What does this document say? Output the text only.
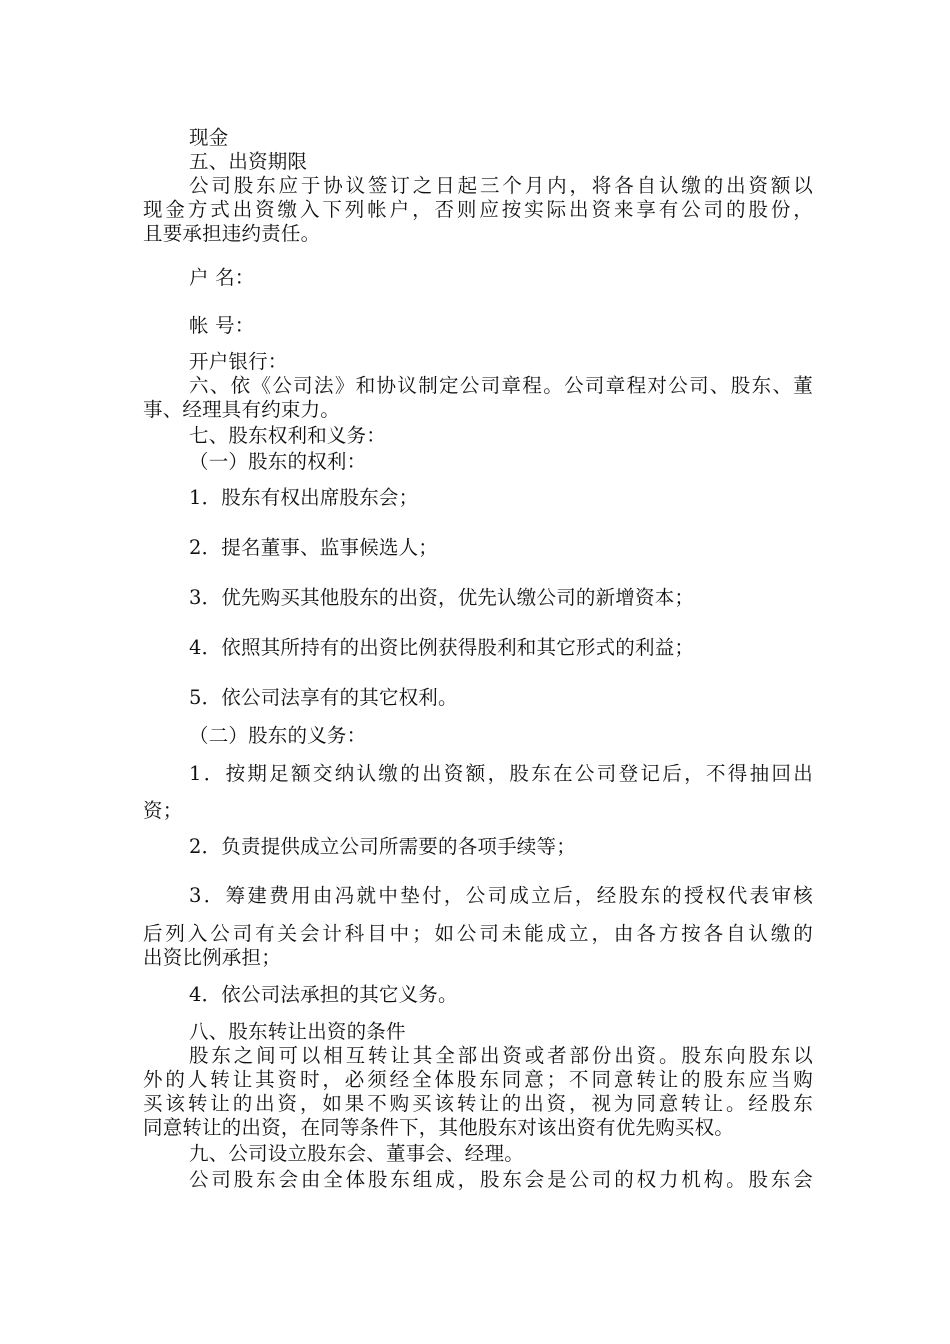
现金
五、出资期限
公司股东应于协议签订之日起三个月内，将各自认缴的出资额以
现金方式出资缴入下列帐户，否则应按实际出资来享有公司的股份，
且要承担违约责任。
户 名：
帐 号：
开户银行：
六、依《公司法》和协议制定公司章程。公司章程对公司、股东、董
事、经理具有约束力。
七、股东权利和义务：
（一）股东的权利：
1．股东有权出席股东会；
2．提名董事、监事候选人；
3．优先购买其他股东的出资，优先认缴公司的新增资本；
4．依照其所持有的出资比例获得股利和其它形式的利益；
5．依公司法享有的其它权利。
（二）股东的义务：
1．按期足额交纳认缴的出资额，股东在公司登记后，不得抽回出
资；
2．负责提供成立公司所需要的各项手续等；
3．筹建费用由冯就中垫付，公司成立后，经股东的授权代表审核
后列入公司有关会计科目中；如公司未能成立，由各方按各自认缴的
出资比例承担；
4．依公司法承担的其它义务。
八、股东转让出资的条件
股东之间可以相互转让其全部出资或者部份出资。股东向股东以
外的人转让其资时，必须经全体股东同意；不同意转让的股东应当购
买该转让的出资，如果不购买该转让的出资，视为同意转让。经股东
同意转让的出资，在同等条件下，其他股东对该出资有优先购买权。
九、公司设立股东会、董事会、经理。
公司股东会由全体股东组成，股东会是公司的权力机构。股东会
